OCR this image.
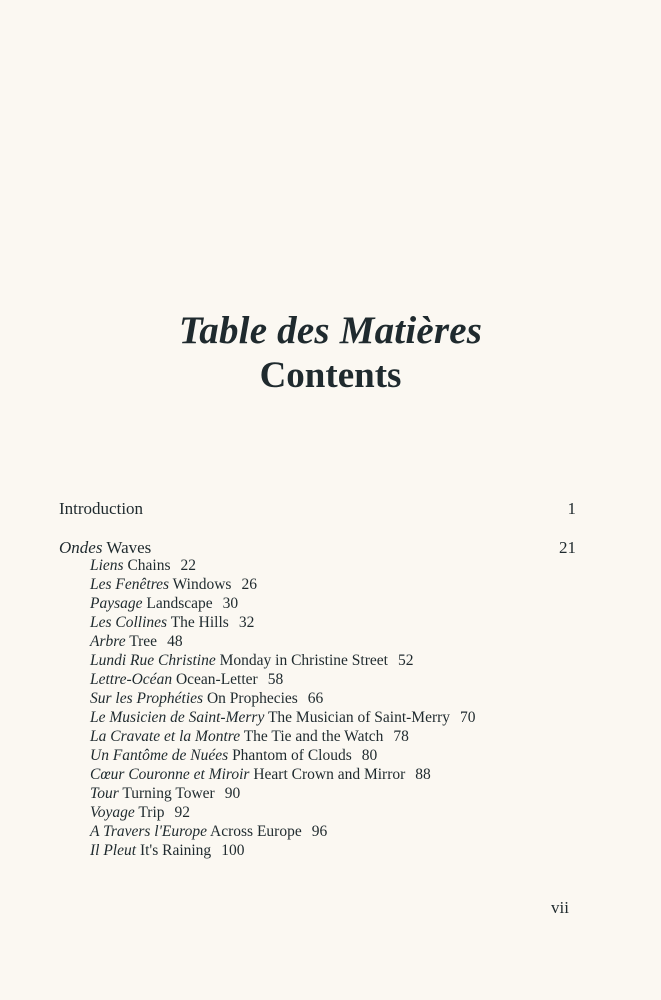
Table des Matières
Contents
Introduction	1
Ondes Waves	21
Liens Chains 22
Les Fenêtres Windows 26
Paysage Landscape 30
Les Collines The Hills 32
Arbre Tree 48
Lundi Rue Christine Monday in Christine Street 52
Lettre-Océan Ocean-Letter 58
Sur les Prophéties On Prophecies 66
Le Musicien de Saint-Merry The Musician of Saint-Merry 70
La Cravate et la Montre The Tie and the Watch 78
Un Fantôme de Nuées Phantom of Clouds 80
Cœur Couronne et Miroir Heart Crown and Mirror 88
Tour Turning Tower 90
Voyage Trip 92
A Travers l'Europe Across Europe 96
Il Pleut It's Raining 100
vii
